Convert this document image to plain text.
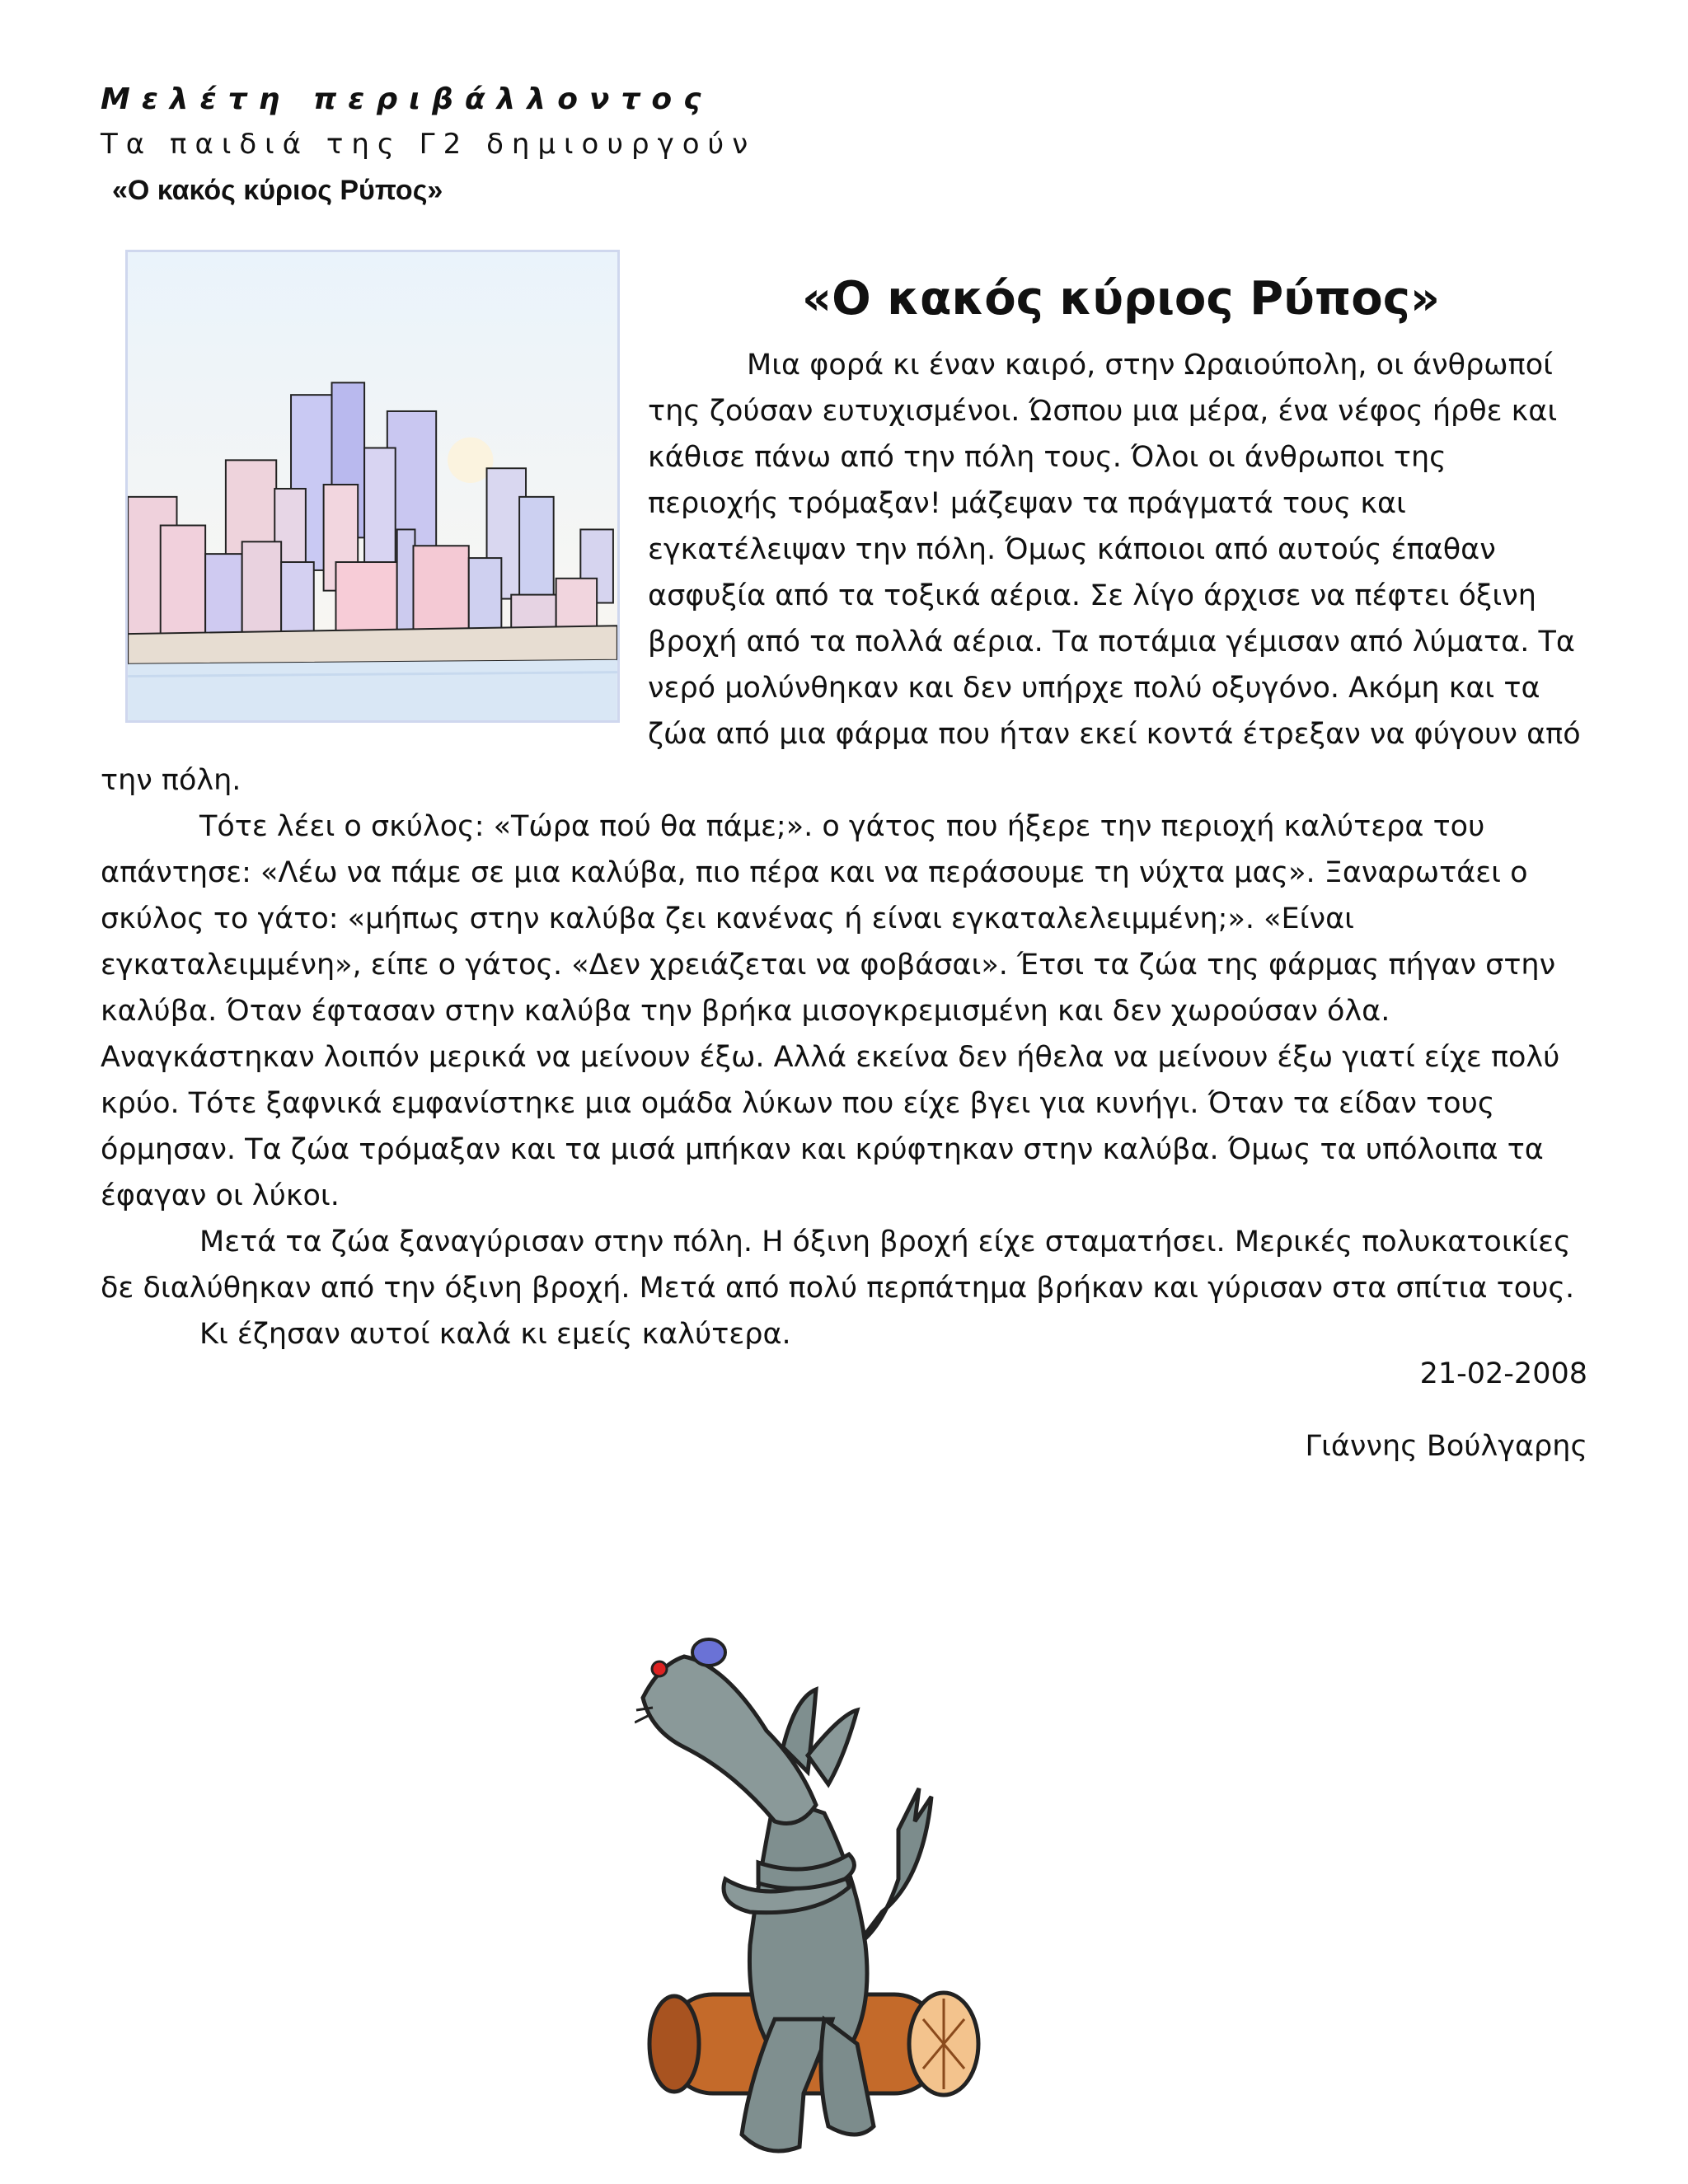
Μελέτη περιβάλλοντος
Τα παιδιά της Γ2 δημιουργούν
«Ο κακός κύριος Ρύπος»
«Ο κακός κύριος Ρύπος»
Μια φορά κι έναν καιρό, στην Ωραιούπολη, οι άνθρωποί
της ζούσαν ευτυχισμένοι. Ώσπου μια μέρα, ένα νέφος ήρθε και
κάθισε πάνω από την πόλη τους. Όλοι οι άνθρωποι της
περιοχής τρόμαξαν! μάζεψαν τα πράγματά τους και
εγκατέλειψαν την πόλη. Όμως κάποιοι από αυτούς έπαθαν
ασφυξία από τα τοξικά αέρια. Σε λίγο άρχισε να πέφτει όξινη
βροχή από τα πολλά αέρια. Τα ποτάμια γέμισαν από λύματα. Τα
νερό μολύνθηκαν και δεν υπήρχε πολύ οξυγόνο. Ακόμη και τα
ζώα από μια φάρμα που ήταν εκεί κοντά έτρεξαν να φύγουν από
την πόλη.
Τότε λέει ο σκύλος: «Τώρα πού θα πάμε;». ο γάτος που ήξερε την περιοχή καλύτερα του
απάντησε: «Λέω να πάμε σε μια καλύβα, πιο πέρα και να περάσουμε τη νύχτα μας». Ξαναρωτάει ο
σκύλος το γάτο: «μήπως στην καλύβα ζει κανένας ή είναι εγκαταλελειμμένη;». «Είναι
εγκαταλειμμένη», είπε ο γάτος. «Δεν χρειάζεται να φοβάσαι». Έτσι τα ζώα της φάρμας πήγαν στην
καλύβα. Όταν έφτασαν στην καλύβα την βρήκα μισογκρεμισμένη και δεν χωρούσαν όλα.
Αναγκάστηκαν λοιπόν μερικά να μείνουν έξω. Αλλά εκείνα δεν ήθελα να μείνουν έξω γιατί είχε πολύ
κρύο. Τότε ξαφνικά εμφανίστηκε μια ομάδα λύκων που είχε βγει για κυνήγι. Όταν τα είδαν τους
όρμησαν. Τα ζώα τρόμαξαν και τα μισά μπήκαν και κρύφτηκαν στην καλύβα. Όμως τα υπόλοιπα τα
έφαγαν οι λύκοι.
Μετά τα ζώα ξαναγύρισαν στην πόλη. Η όξινη βροχή είχε σταματήσει. Μερικές πολυκατοικίες
δε διαλύθηκαν από την όξινη βροχή. Μετά από πολύ περπάτημα βρήκαν και γύρισαν στα σπίτια τους.
Κι έζησαν αυτοί καλά κι εμείς καλύτερα.
21-02-2008
Γιάννης Βούλγαρης
